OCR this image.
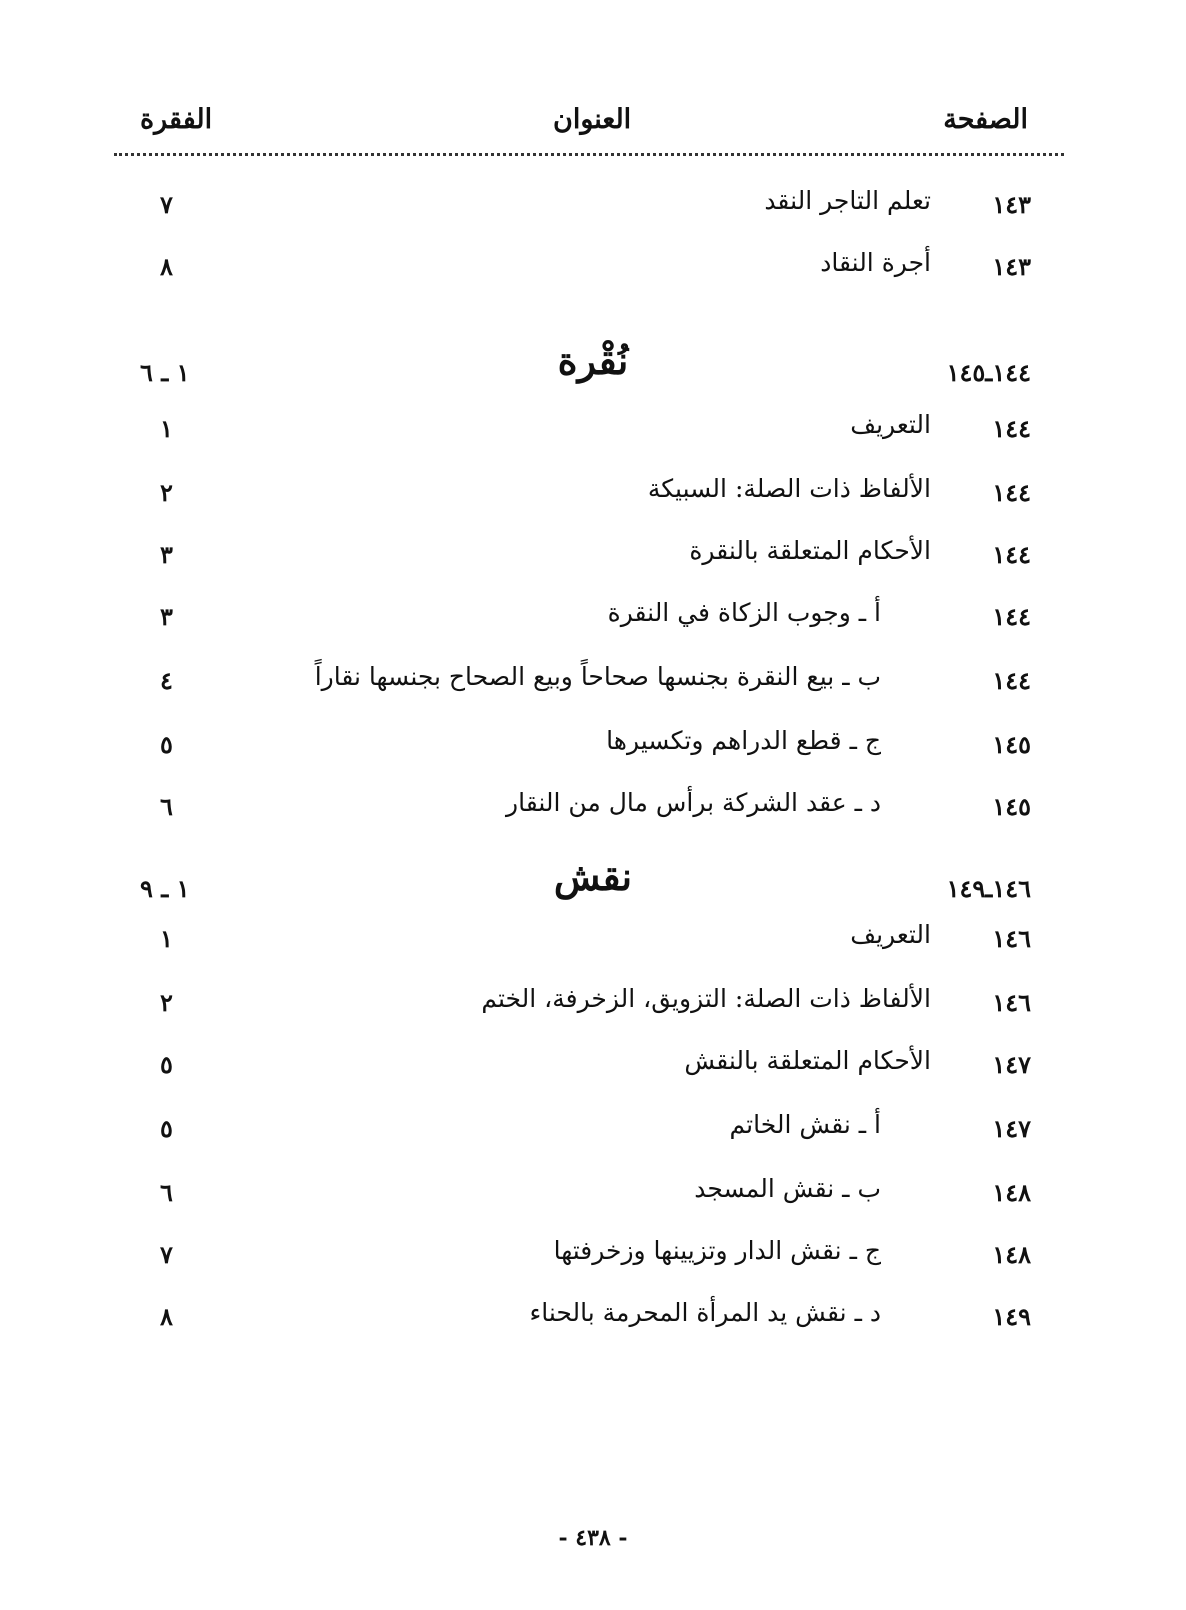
الصفحة
العنوان
الفقرة
١٤٣
تعلم التاجر النقد
٧
١٤٣
أجرة النقاد
٨
١٤٤ـ١٤٥
نُقْرة
١ ـ ٦
١٤٤
التعريف
١
١٤٤
الألفاظ ذات الصلة: السبيكة
٢
١٤٤
الأحكام المتعلقة بالنقرة
٣
١٤٤
أ ـ وجوب الزكاة في النقرة
٣
١٤٤
ب ـ بيع النقرة بجنسها صحاحاً وبيع الصحاح بجنسها نقاراً
٤
١٤٥
ج ـ قطع الدراهم وتكسيرها
٥
١٤٥
د ـ عقد الشركة برأس مال من النقار
٦
١٤٦ـ١٤٩
نقش
١ ـ ٩
١٤٦
التعريف
١
١٤٦
الألفاظ ذات الصلة: التزويق، الزخرفة، الختم
٢
١٤٧
الأحكام المتعلقة بالنقش
٥
١٤٧
أ ـ نقش الخاتم
٥
١٤٨
ب ـ نقش المسجد
٦
١٤٨
ج ـ نقش الدار وتزيينها وزخرفتها
٧
١٤٩
د ـ نقش يد المرأة المحرمة بالحناء
٨
- ٤٣٨ -
